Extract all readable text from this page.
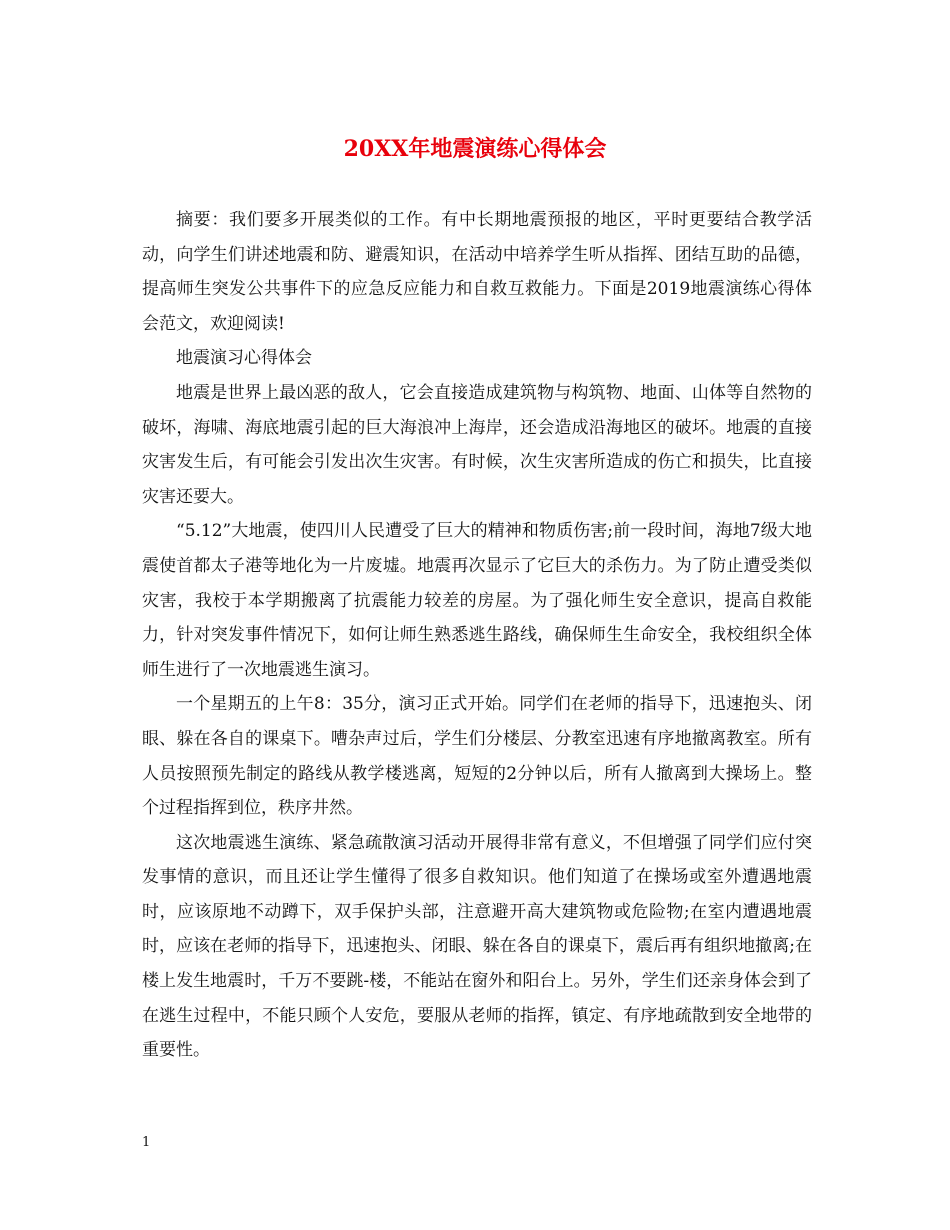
20XX年地震演练心得体会

摘要：我们要多开展类似的工作。有中长期地震预报的地区，平时更要结合教学活动，向学生们讲述地震和防、避震知识，在活动中培养学生听从指挥、团结互助的品德，提高师生突发公共事件下的应急反应能力和自救互救能力。下面是2019地震演练心得体会范文，欢迎阅读!

地震演习心得体会

地震是世界上最凶恶的敌人，它会直接造成建筑物与构筑物、地面、山体等自然物的破坏，海啸、海底地震引起的巨大海浪冲上海岸，还会造成沿海地区的破坏。地震的直接灾害发生后，有可能会引发出次生灾害。有时候，次生灾害所造成的伤亡和损失，比直接灾害还要大。

“5.12”大地震，使四川人民遭受了巨大的精神和物质伤害;前一段时间，海地7级大地震使首都太子港等地化为一片废墟。地震再次显示了它巨大的杀伤力。为了防止遭受类似灾害，我校于本学期搬离了抗震能力较差的房屋。为了强化师生安全意识，提高自救能力，针对突发事件情况下，如何让师生熟悉逃生路线，确保师生生命安全，我校组织全体师生进行了一次地震逃生演习。

一个星期五的上午8：35分，演习正式开始。同学们在老师的指导下，迅速抱头、闭眼、躲在各自的课桌下。嘈杂声过后，学生们分楼层、分教室迅速有序地撤离教室。所有人员按照预先制定的路线从教学楼逃离，短短的2分钟以后，所有人撤离到大操场上。整个过程指挥到位，秩序井然。

这次地震逃生演练、紧急疏散演习活动开展得非常有意义，不但增强了同学们应付突发事情的意识，而且还让学生懂得了很多自救知识。他们知道了在操场或室外遭遇地震时，应该原地不动蹲下，双手保护头部，注意避开高大建筑物或危险物;在室内遭遇地震时，应该在老师的指导下，迅速抱头、闭眼、躲在各自的课桌下，震后再有组织地撤离;在楼上发生地震时，千万不要跳-楼，不能站在窗外和阳台上。另外，学生们还亲身体会到了在逃生过程中，不能只顾个人安危，要服从老师的指挥，镇定、有序地疏散到安全地带的重要性。

1
